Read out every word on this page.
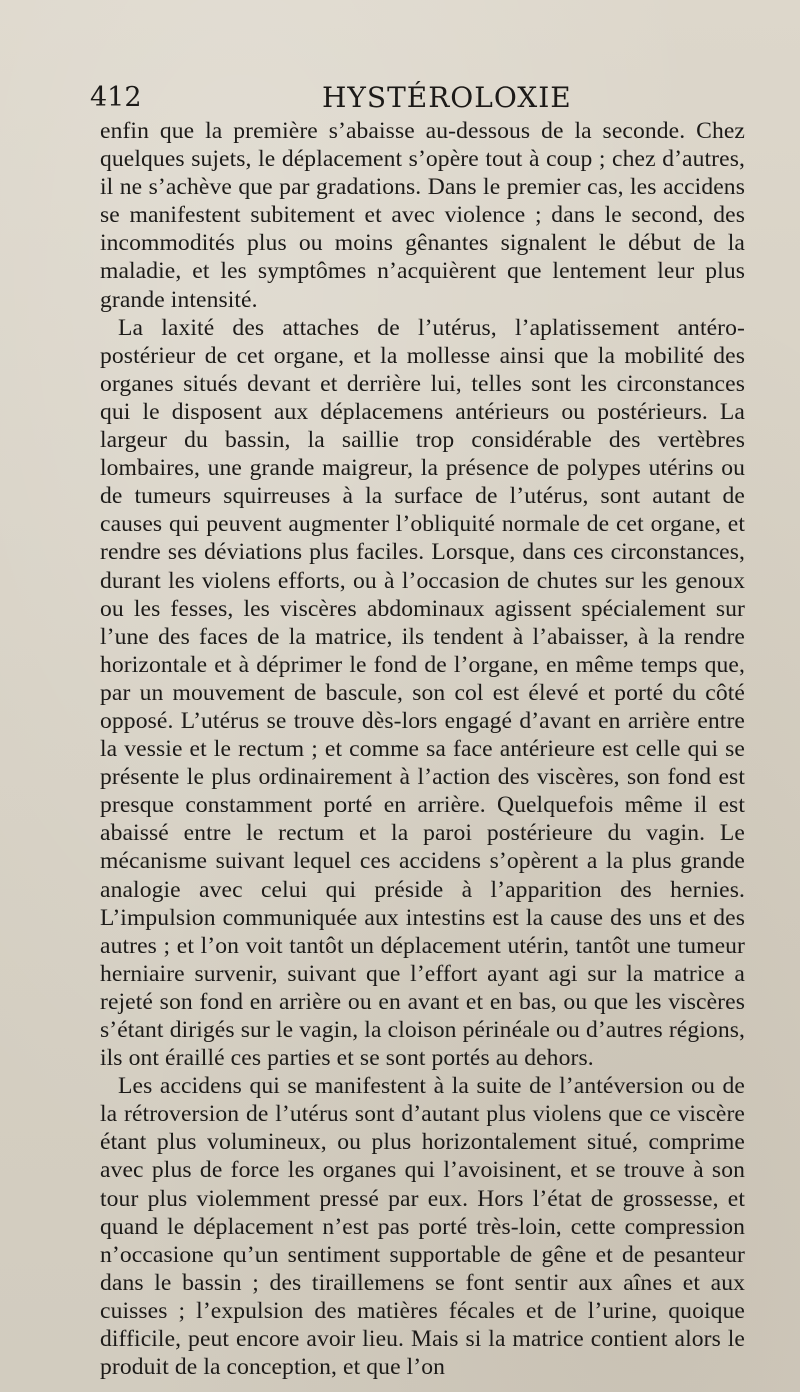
412	HYSTÉROLOXIE

enfin que la première s’abaisse au-dessous de la seconde. Chez quelques sujets, le déplacement s’opère tout à coup ; chez d’autres, il ne s’achève que par gradations. Dans le premier cas, les accidens se manifestent subitement et avec violence ; dans le second, des incommodités plus ou moins gênantes signalent le début de la maladie, et les symptômes n’acquièrent que lentement leur plus grande intensité.

La laxité des attaches de l’utérus, l’aplatissement antéro-postérieur de cet organe, et la mollesse ainsi que la mobilité des organes situés devant et derrière lui, telles sont les circonstances qui le disposent aux déplacemens antérieurs ou postérieurs. La largeur du bassin, la saillie trop considérable des vertèbres lombaires, une grande maigreur, la présence de polypes utérins ou de tumeurs squirreuses à la surface de l’utérus, sont autant de causes qui peuvent augmenter l’obliquité normale de cet organe, et rendre ses déviations plus faciles. Lorsque, dans ces circonstances, durant les violens efforts, ou à l’occasion de chutes sur les genoux ou les fesses, les viscères abdominaux agissent spécialement sur l’une des faces de la matrice, ils tendent à l’abaisser, à la rendre horizontale et à déprimer le fond de l’organe, en même temps que, par un mouvement de bascule, son col est élevé et porté du côté opposé. L’utérus se trouve dès-lors engagé d’avant en arrière entre la vessie et le rectum ; et comme sa face antérieure est celle qui se présente le plus ordinairement à l’action des viscères, son fond est presque constamment porté en arrière. Quelquefois même il est abaissé entre le rectum et la paroi postérieure du vagin. Le mécanisme suivant lequel ces accidens s’opèrent a la plus grande analogie avec celui qui préside à l’apparition des hernies. L’impulsion communiquée aux intestins est la cause des uns et des autres ; et l’on voit tantôt un déplacement utérin, tantôt une tumeur herniaire survenir, suivant que l’effort ayant agi sur la matrice a rejeté son fond en arrière ou en avant et en bas, ou que les viscères s’étant dirigés sur le vagin, la cloison périnéale ou d’autres régions, ils ont éraillé ces parties et se sont portés au dehors.

Les accidens qui se manifestent à la suite de l’antéversion ou de la rétroversion de l’utérus sont d’autant plus violens que ce viscère étant plus volumineux, ou plus horizontalement situé, comprime avec plus de force les organes qui l’avoisinent, et se trouve à son tour plus violemment pressé par eux. Hors l’état de grossesse, et quand le déplacement n’est pas porté très-loin, cette compression n’occasione qu’un sentiment supportable de gêne et de pesanteur dans le bassin ; des tiraillemens se font sentir aux aînes et aux cuisses ; l’expulsion des matières fécales et de l’urine, quoique difficile, peut encore avoir lieu. Mais si la matrice contient alors le produit de la conception, et que l’on
